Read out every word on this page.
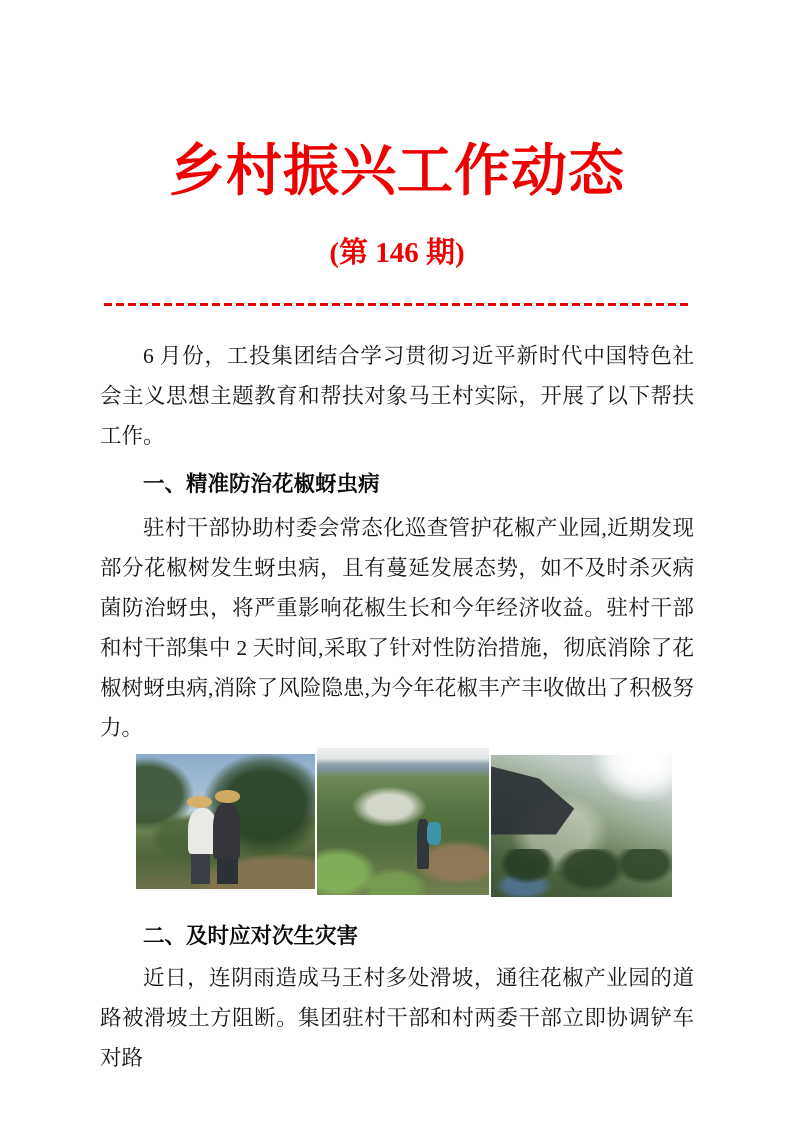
乡村振兴工作动态
(第 146 期)

6 月份，工投集团结合学习贯彻习近平新时代中国特色社会主义思想主题教育和帮扶对象马王村实际，开展了以下帮扶工作。

一、精准防治花椒蚜虫病

驻村干部协助村委会常态化巡查管护花椒产业园,近期发现部分花椒树发生蚜虫病，且有蔓延发展态势，如不及时杀灭病菌防治蚜虫，将严重影响花椒生长和今年经济收益。驻村干部和村干部集中 2 天时间,采取了针对性防治措施，彻底消除了花椒树蚜虫病,消除了风险隐患,为今年花椒丰产丰收做出了积极努力。

二、及时应对次生灾害

近日，连阴雨造成马王村多处滑坡，通往花椒产业园的道路被滑坡土方阻断。集团驻村干部和村两委干部立即协调铲车对路
